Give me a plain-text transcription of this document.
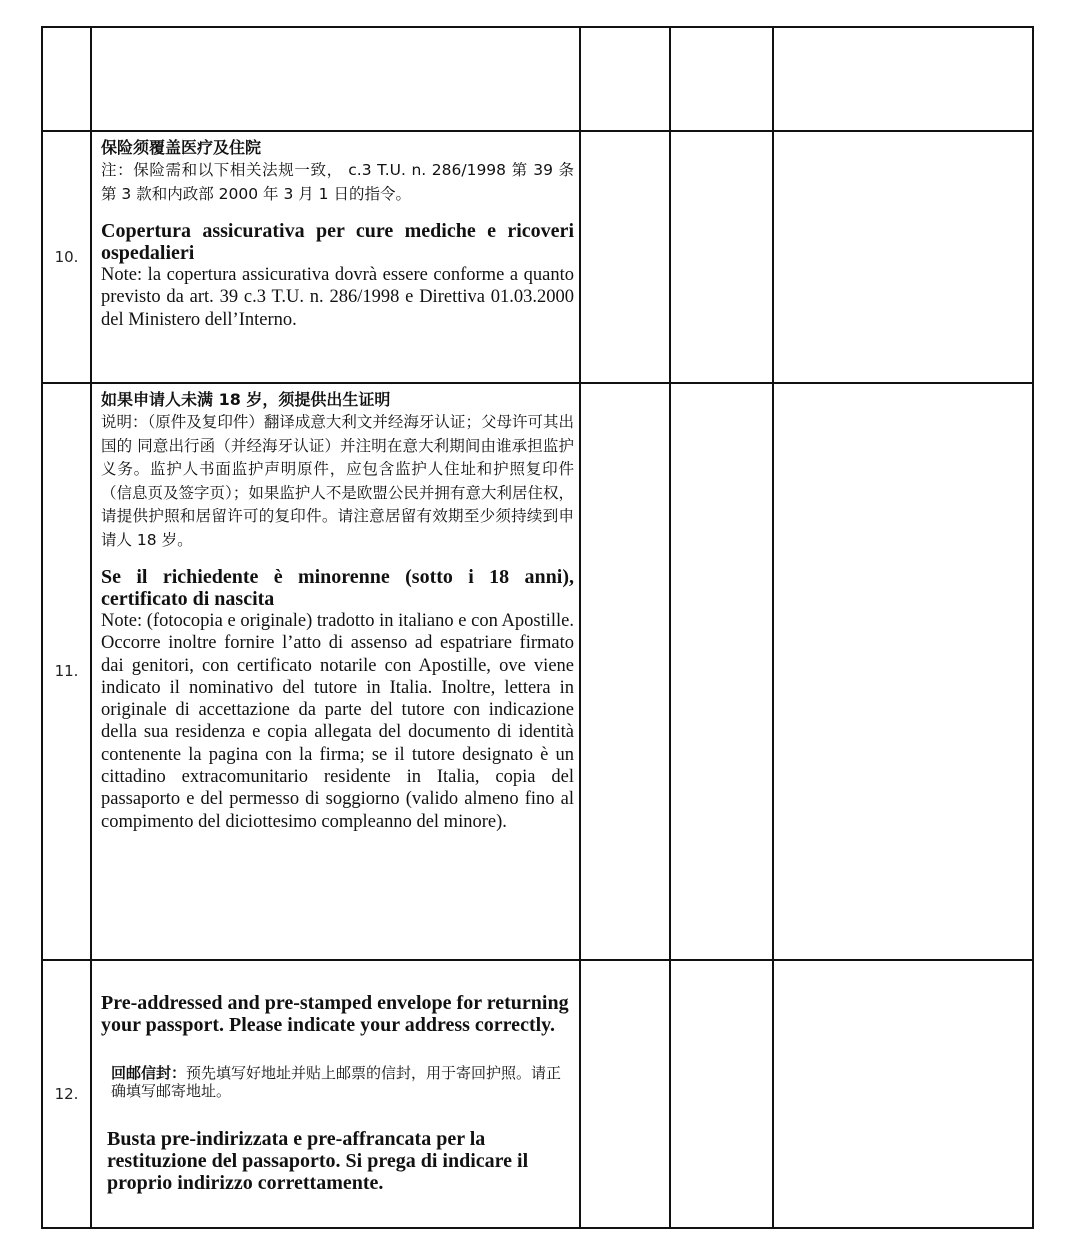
10.	保险须覆盖医疗及住院
注：保险需和以下相关法规一致， c.3 T.U. n. 286/1998 第 39 条第 3 款和内政部 2000 年 3 月 1 日的指令。
Copertura assicurativa per cure mediche e ricoveri ospedalieri
Note: la copertura assicurativa dovrà essere conforme a quanto previsto da art. 39 c.3 T.U. n. 286/1998 e Direttiva 01.03.2000 del Ministero dell’Interno.			

11.	如果申请人未满 18 岁，须提供出生证明
说明：（原件及复印件）翻译成意大利文并经海牙认证；父母许可其出国的 同意出行函（并经海牙认证）并注明在意大利期间由谁承担监护义务。监护人书面监护声明原件，应包含监护人住址和护照复印件（信息页及签字页）；如果监护人不是欧盟公民并拥有意大利居住权，请提供护照和居留许可的复印件。请注意居留有效期至少须持续到申请人 18 岁。
Se il richiedente è minorenne (sotto i 18 anni), certificato di nascita
Note: (fotocopia e originale) tradotto in italiano e con Apostille. Occorre inoltre fornire l’atto di assenso ad espatriare firmato dai genitori, con certificato notarile con Apostille, ove viene indicato il nominativo del tutore in Italia. Inoltre, lettera in originale di accettazione da parte del tutore con indicazione della sua residenza e copia allegata del documento di identità contenente la pagina con la firma; se il tutore designato è un cittadino extracomunitario residente in Italia, copia del passaporto e del permesso di soggiorno (valido almeno fino al compimento del diciottesimo compleanno del minore).			

12.	Pre-addressed and pre-stamped envelope for returning your passport. Please indicate your address correctly.
回邮信封：预先填写好地址并贴上邮票的信封，用于寄回护照。请正确填写邮寄地址。
Busta pre-indirizzata e pre-affrancata per la restituzione del passaporto. Si prega di indicare il proprio indirizzo correttamente.			
